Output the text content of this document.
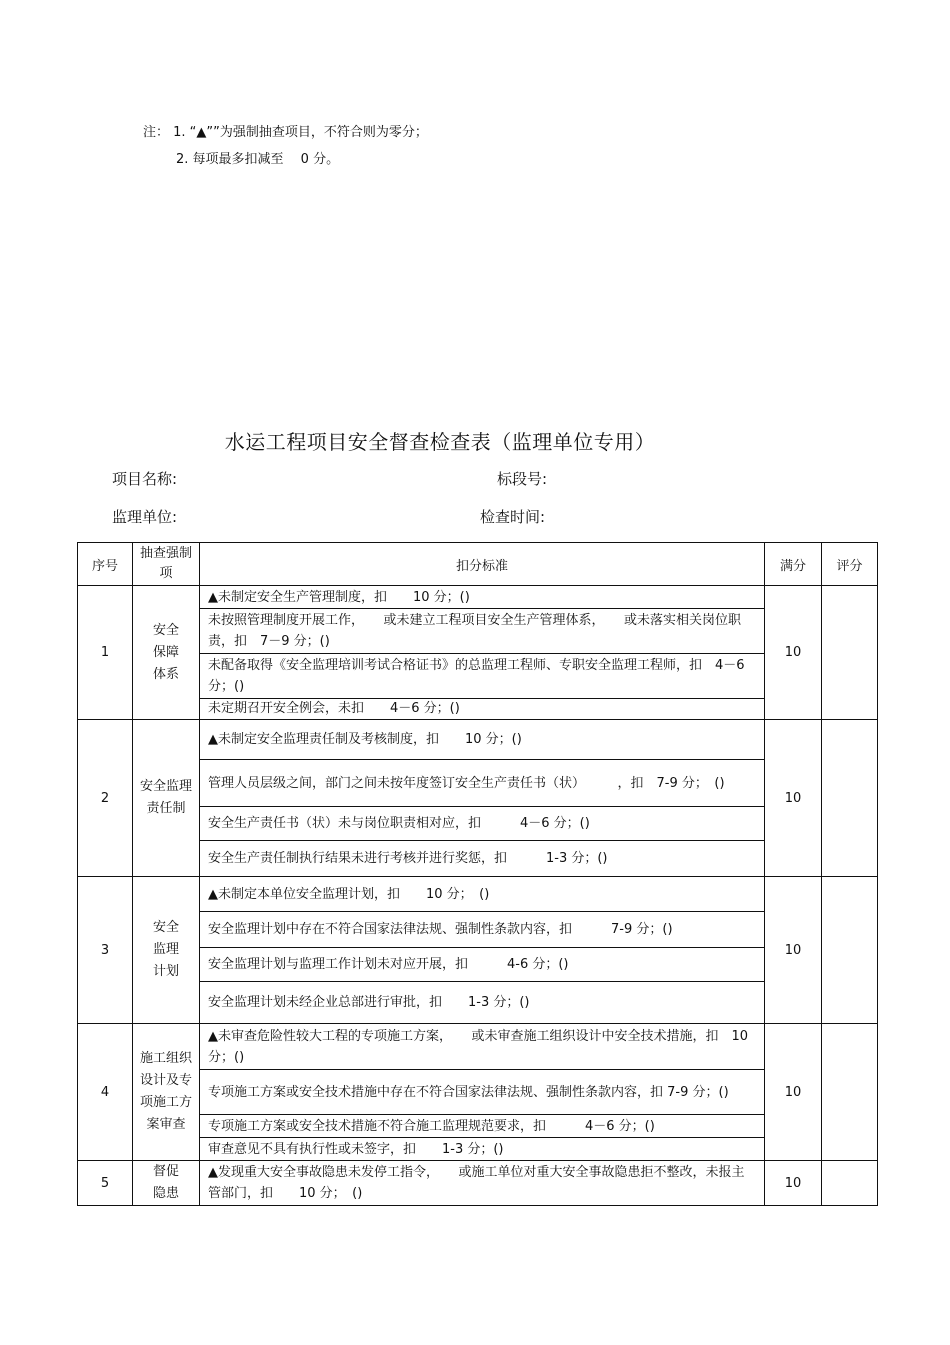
注： 1. “▲””为强制抽查项目，不符合则为零分；
2. 每项最多扣减至 　0 分。
水运工程项目安全督查检查表（监理单位专用）
项目名称:	标段号:
监理单位:	检查时间:
序号	抽查强制项	扣分标准	满分	评分
1	安全保障体系	▲未制定安全生产管理制度，扣　　10 分；()
未按照管理制度开展工作，　　或未建立工程项目安全生产管理体系，　　或未落实相关岗位职责，扣　7－9 分；()
未配备取得《安全监理培训考试合格证书》的总监理工程师、专职安全监理工程师，扣　4－6 分；()
未定期召开安全例会，未扣　　4－6 分；()	10	
2	安全监理责任制	▲未制定安全监理责任制及考核制度，扣　　10 分；()
管理人员层级之间，部门之间未按年度签订安全生产责任书（状）　　　，扣　7-9 分；　()
安全生产责任书（状）未与岗位职责相对应，扣　　　4－6 分；()
安全生产责任制执行结果未进行考核并进行奖惩，扣　　　1-3 分；()	10	
3	安全监理计划	▲未制定本单位安全监理计划，扣　　10 分；　()
安全监理计划中存在不符合国家法律法规、强制性条款内容，扣　　　7-9 分；()
安全监理计划与监理工作计划未对应开展，扣　　　4-6 分；()
安全监理计划未经企业总部进行审批，扣　　1-3 分；()	10	
4	施工组织设计及专项施工方案审查	▲未审查危险性较大工程的专项施工方案，　　或未审查施工组织设计中安全技术措施，扣　10 分；()
专项施工方案或安全技术措施中存在不符合国家法律法规、强制性条款内容，扣 7-9 分；()
专项施工方案或安全技术措施不符合施工监理规范要求，扣　　　4－6 分；()
审查意见不具有执行性或未签字，扣　　1-3 分；()	10	
5	督促隐患	▲发现重大安全事故隐患未发停工指令，　　或施工单位对重大安全事故隐患拒不整改，未报主管部门，扣　　10 分；　()	10	
